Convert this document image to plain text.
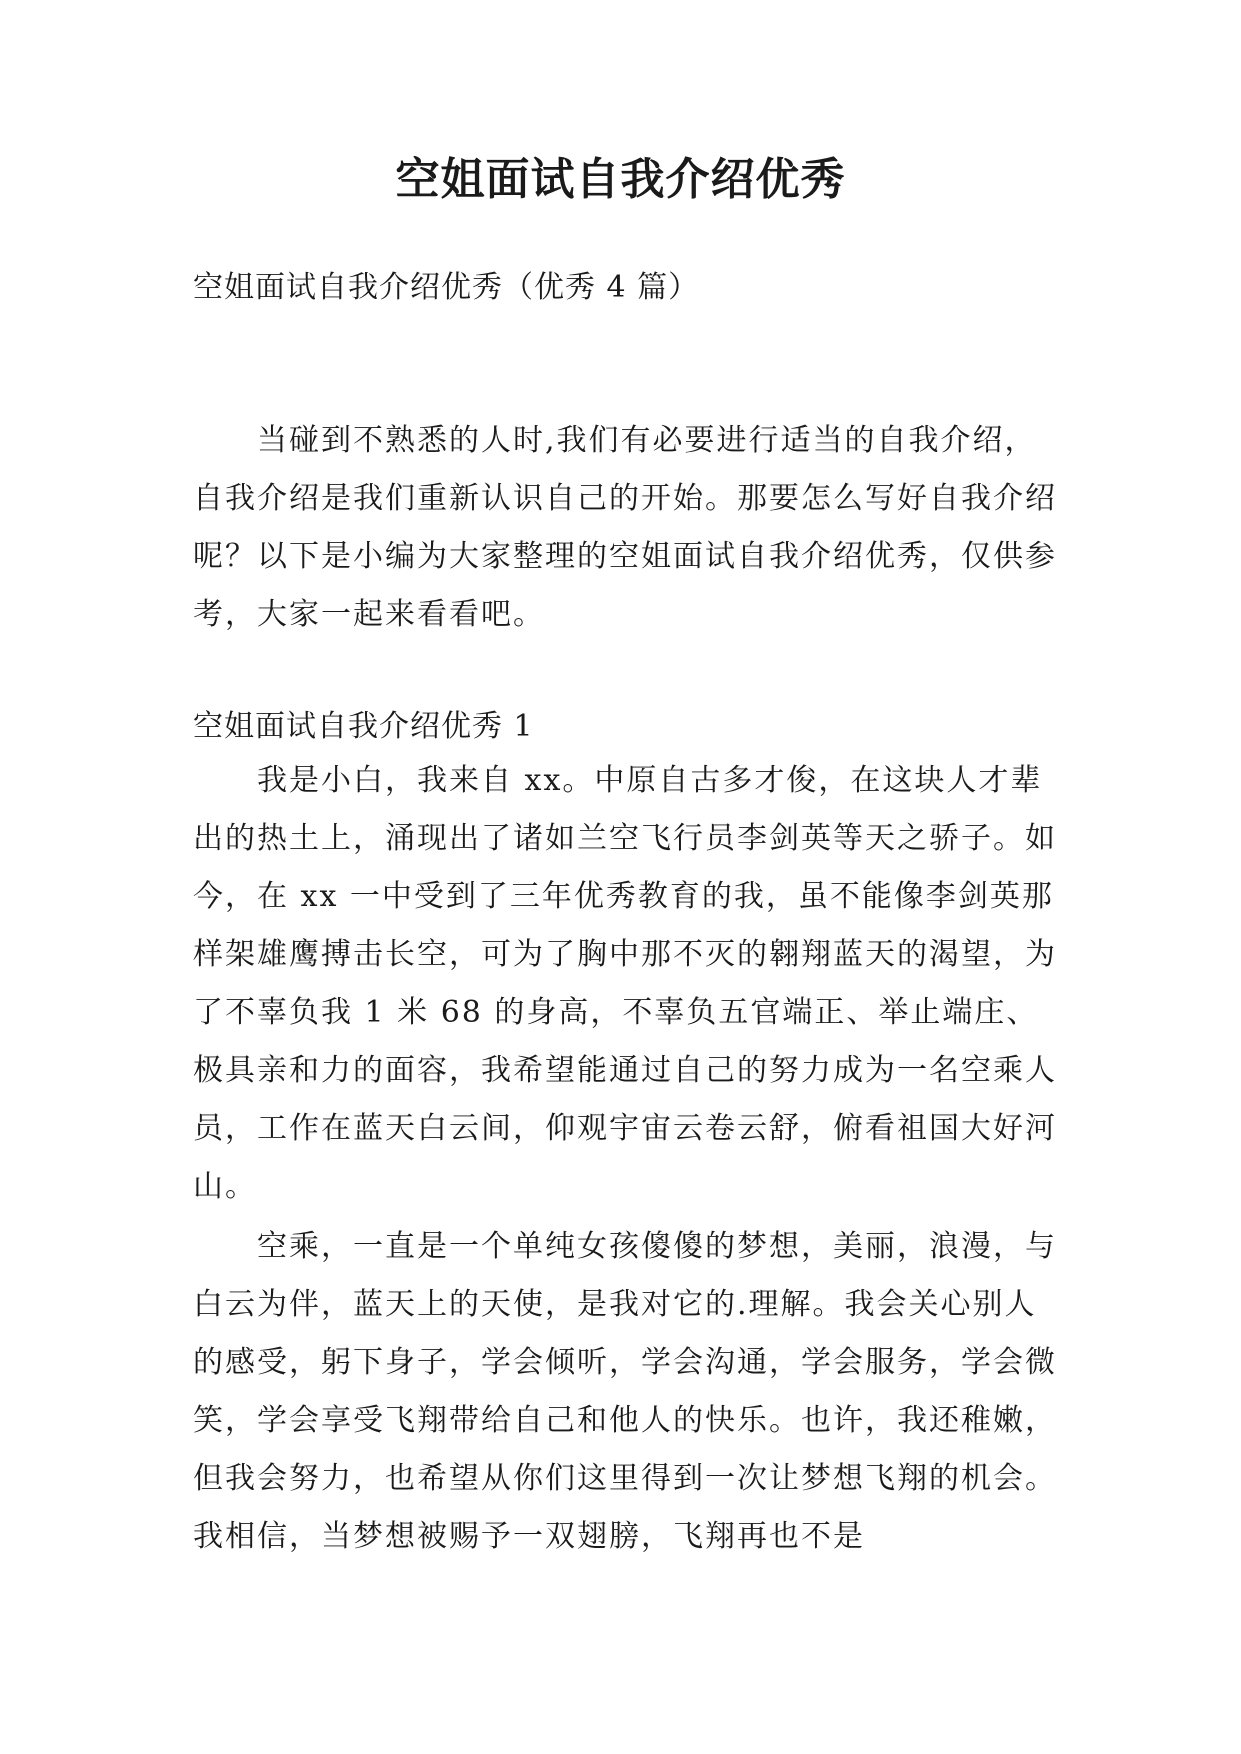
空姐面试自我介绍优秀

空姐面试自我介绍优秀（优秀 4 篇）

当碰到不熟悉的人时,我们有必要进行适当的自我介绍，自我介绍是我们重新认识自己的开始。那要怎么写好自我介绍呢？以下是小编为大家整理的空姐面试自我介绍优秀，仅供参考，大家一起来看看吧。

空姐面试自我介绍优秀 1

我是小白，我来自 xx。中原自古多才俊，在这块人才辈出的热土上，涌现出了诸如兰空飞行员李剑英等天之骄子。如今，在 xx 一中受到了三年优秀教育的我，虽不能像李剑英那样架雄鹰搏击长空，可为了胸中那不灭的翱翔蓝天的渴望，为了不辜负我 1 米 68 的身高，不辜负五官端正、举止端庄、极具亲和力的面容，我希望能通过自己的努力成为一名空乘人员，工作在蓝天白云间，仰观宇宙云卷云舒，俯看祖国大好河山。

空乘，一直是一个单纯女孩傻傻的梦想，美丽，浪漫，与白云为伴，蓝天上的天使，是我对它的.理解。我会关心别人的感受，躬下身子，学会倾听，学会沟通，学会服务，学会微笑，学会享受飞翔带给自己和他人的快乐。也许，我还稚嫩，但我会努力，也希望从你们这里得到一次让梦想飞翔的机会。我相信，当梦想被赐予一双翅膀，飞翔再也不是
